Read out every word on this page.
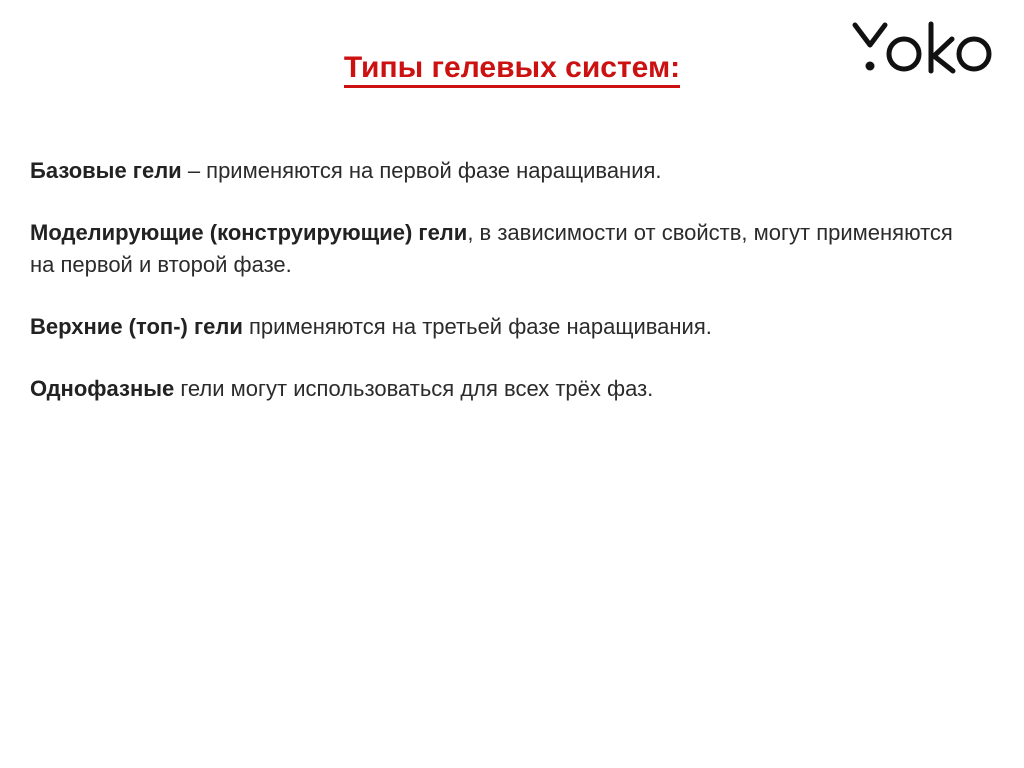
Типы гелевых систем:

Базовые гели – применяются на первой фазе наращивания.

Моделирующие (конструирующие) гели, в зависимости от свойств, могут применяются на первой и второй фазе.

Верхние (топ-) гели применяются на третьей фазе наращивания.

Однофазные гели могут использоваться для всех трёх фаз.
